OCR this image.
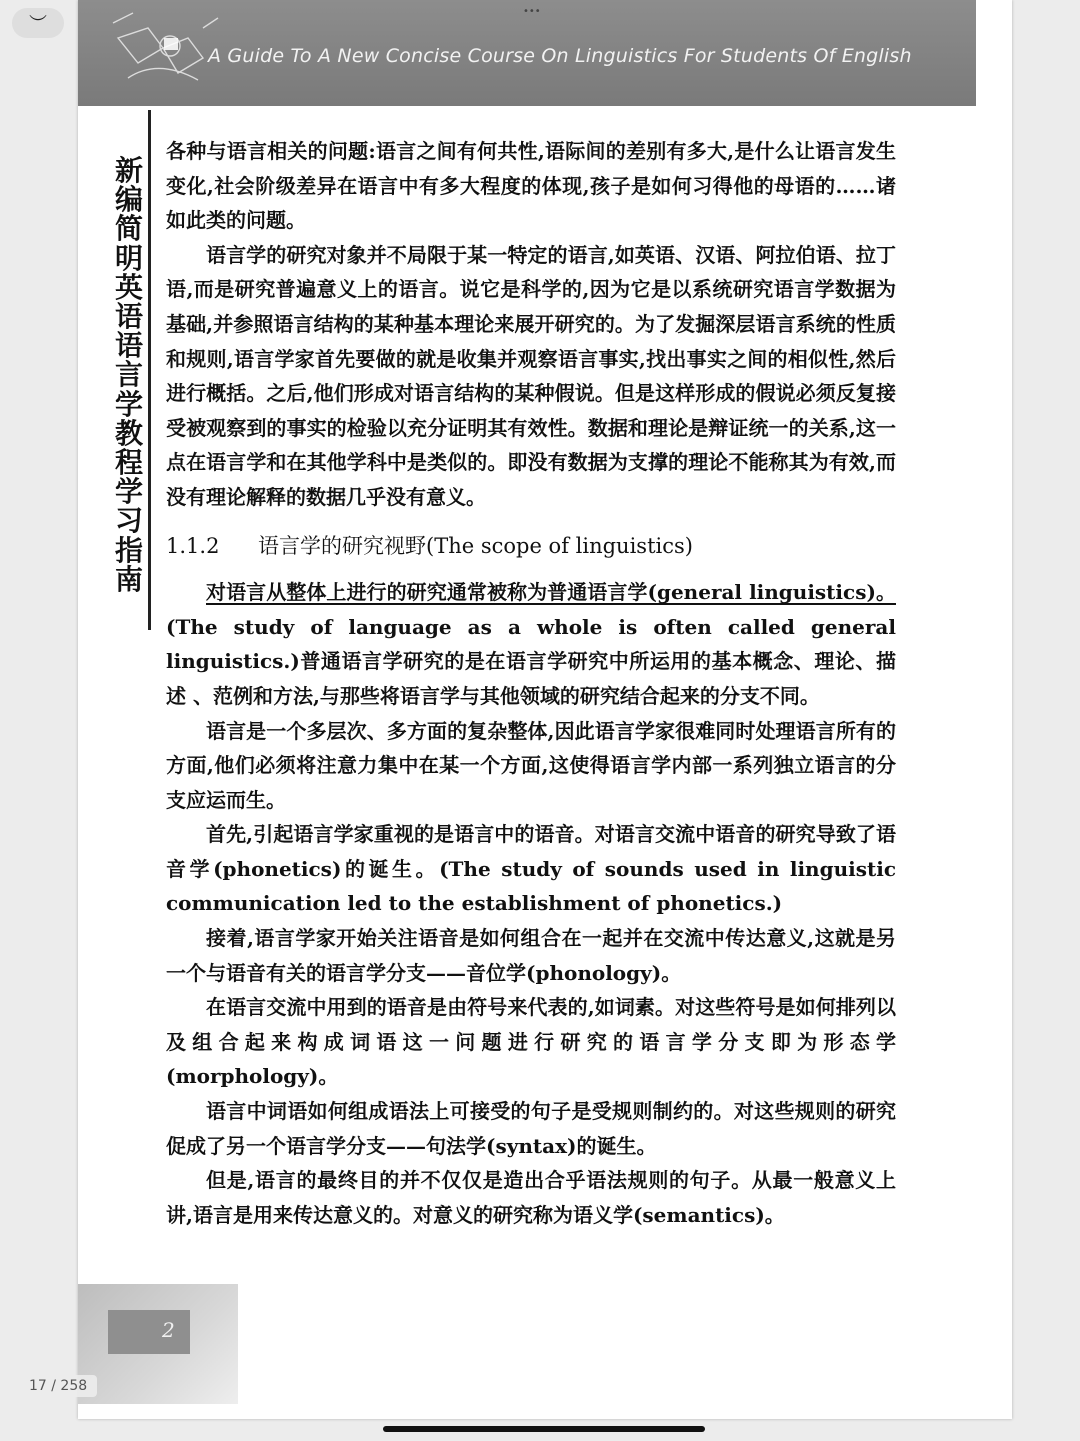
︶
•••
A Guide To A New Concise Course On Linguistics For Students Of English
新编简明英语语言学教程学习指南

各种与语言相关的问题:语言之间有何共性,语际间的差别有多大,是什么让语言发生变化,社会阶级差异在语言中有多大程度的体现,孩子是如何习得他的母语的……诸如此类的问题。

语言学的研究对象并不局限于某一特定的语言,如英语、汉语、阿拉伯语、拉丁语,而是研究普遍意义上的语言。说它是科学的,因为它是以系统研究语言学数据为基础,并参照语言结构的某种基本理论来展开研究的。为了发掘深层语言系统的性质和规则,语言学家首先要做的就是收集并观察语言事实,找出事实之间的相似性,然后进行概括。之后,他们形成对语言结构的某种假说。但是这样形成的假说必须反复接受被观察到的事实的检验以充分证明其有效性。数据和理论是辩证统一的关系,这一点在语言学和在其他学科中是类似的。即没有数据为支撑的理论不能称其为有效,而没有理论解释的数据几乎没有意义。

1.1.2 语言学的研究视野(The scope of linguistics)

对语言从整体上进行的研究通常被称为普通语言学(general linguistics)。(The study of language as a whole is often called general linguistics.)普通语言学研究的是在语言学研究中所运用的基本概念、理论、描述 、范例和方法,与那些将语言学与其他领域的研究结合起来的分支不同。

语言是一个多层次、多方面的复杂整体,因此语言学家很难同时处理语言所有的方面,他们必须将注意力集中在某一个方面,这使得语言学内部一系列独立语言的分支应运而生。

首先,引起语言学家重视的是语言中的语音。对语言交流中语音的研究导致了语音学(phonetics)的诞生。(The study of sounds used in linguistic communication led to the establishment of phonetics.)

接着,语言学家开始关注语音是如何组合在一起并在交流中传达意义,这就是另一个与语音有关的语言学分支——音位学(phonology)。

在语言交流中用到的语音是由符号来代表的,如词素。对这些符号是如何排列以及组合起来构成词语这一问题进行研究的语言学分支即为形态学(morphology)。

语言中词语如何组成语法上可接受的句子是受规则制约的。对这些规则的研究促成了另一个语言学分支——句法学(syntax)的诞生。

但是,语言的最终目的并不仅仅是造出合乎语法规则的句子。从最一般意义上讲,语言是用来传达意义的。对意义的研究称为语义学(semantics)。

2
17 / 258
